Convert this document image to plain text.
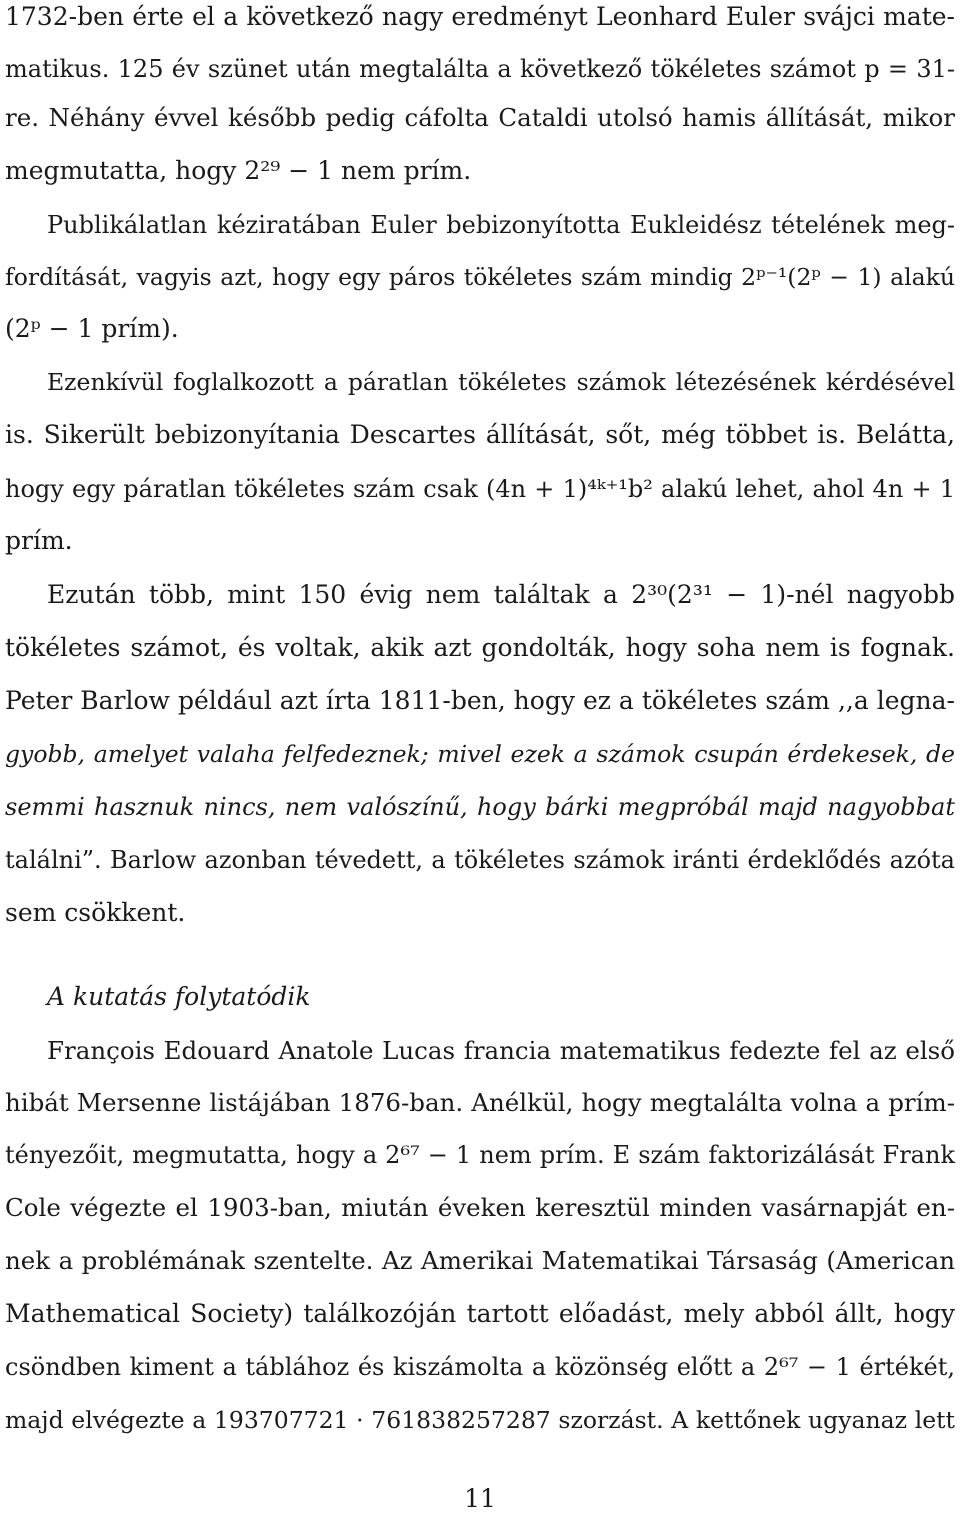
1732-ben érte el a következő nagy eredményt Leonhard Euler svájci mate-
matikus. 125 év szünet után megtalálta a következő tökéletes számot p = 31-
re. Néhány évvel később pedig cáfolta Cataldi utolsó hamis állítását, mikor
megmutatta, hogy 2²⁹ − 1 nem prím.
Publikálatlan kéziratában Euler bebizonyította Eukleidész tételének meg-
fordítását, vagyis azt, hogy egy páros tökéletes szám mindig 2ᵖ⁻¹(2ᵖ − 1) alakú
(2ᵖ − 1 prím).
Ezenkívül foglalkozott a páratlan tökéletes számok létezésének kérdésével
is. Sikerült bebizonyítania Descartes állítását, sőt, még többet is. Belátta,
hogy egy páratlan tökéletes szám csak (4n + 1)⁴ᵏ⁺¹b² alakú lehet, ahol 4n + 1
prím.
Ezután több, mint 150 évig nem találtak a 2³⁰(2³¹ − 1)-nél nagyobb
tökéletes számot, és voltak, akik azt gondolták, hogy soha nem is fognak.
Peter Barlow például azt írta 1811-ben, hogy ez a tökéletes szám ,,a legna-
gyobb, amelyet valaha felfedeznek; mivel ezek a számok csupán érdekesek, de
semmi hasznuk nincs, nem valószínű, hogy bárki megpróbál majd nagyobbat
találni”. Barlow azonban tévedett, a tökéletes számok iránti érdeklődés azóta
sem csökkent.
A kutatás folytatódik
François Edouard Anatole Lucas francia matematikus fedezte fel az első
hibát Mersenne listájában 1876-ban. Anélkül, hogy megtalálta volna a prím-
tényezőit, megmutatta, hogy a 2⁶⁷ − 1 nem prím. E szám faktorizálását Frank
Cole végezte el 1903-ban, miután éveken keresztül minden vasárnapját en-
nek a problémának szentelte. Az Amerikai Matematikai Társaság (American
Mathematical Society) találkozóján tartott előadást, mely abból állt, hogy
csöndben kiment a táblához és kiszámolta a közönség előtt a 2⁶⁷ − 1 értékét,
majd elvégezte a 193707721 · 761838257287 szorzást. A kettőnek ugyanaz lett
11
